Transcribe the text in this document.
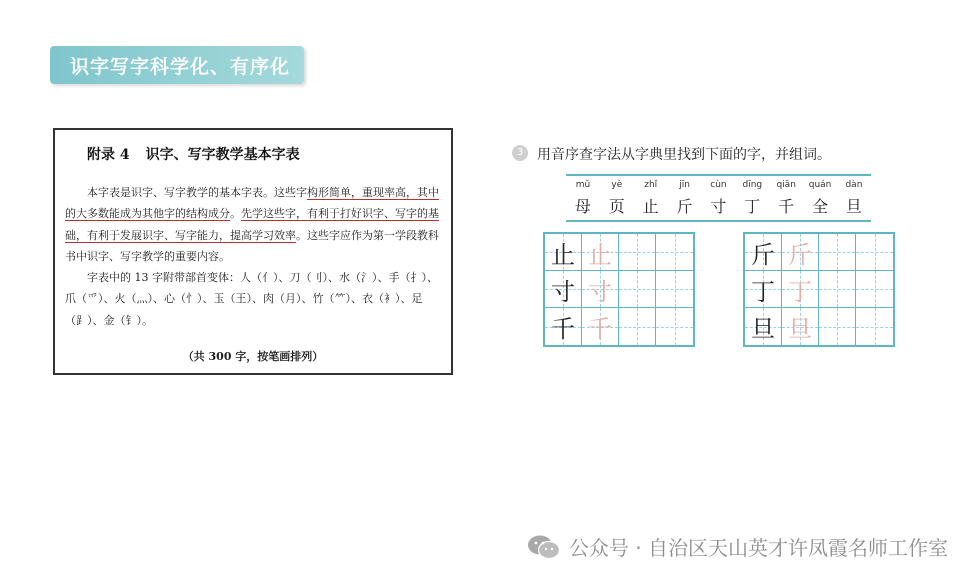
识字写字科学化、有序化
附录 4 识字、写字教学基本字表

本字表是识字、写字教学的基本字表。这些字构形简单，重现率高，其中的大多数能成为其他字的结构成分。先学这些字，有利于打好识字、写字的基础，有利于发展识字、写字能力，提高学习效率。这些字应作为第一学段教科书中识字、写字教学的重要内容。

字表中的 13 字附带部首变体：人（亻）、刀（刂）、水（氵）、手（扌）、爪（爫）、火（灬）、心（忄）、玉（王）、肉（月）、竹（⺮）、衣（衤）、足（⻊）、金（钅）。

（共 300 字，按笔画排列）
3 用音序查字法从字典里找到下面的字，并组词。
mǔ
母
yè
页
zhǐ
止
jīn
斤
cùn
寸
dīng
丁
qiān
千
quán
全
dàn
旦
止 止
寸 寸
千 千
斤 斤
丁 丁
旦 旦
公众号 · 自治区天山英才许凤霞名师工作室
